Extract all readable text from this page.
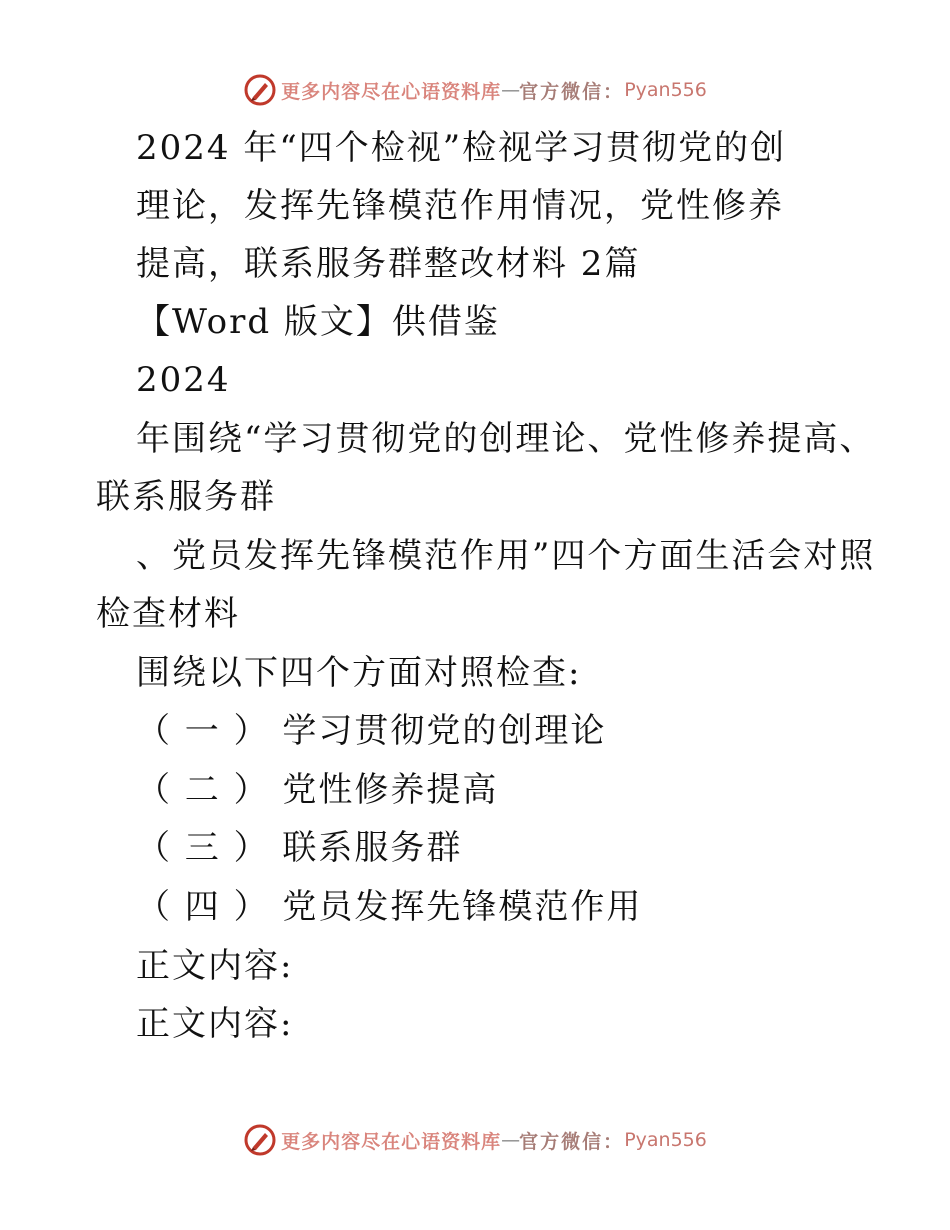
更多内容尽在心语资料库 — 官方微信： Pyan556
2024 年“四个检视”检视学习贯彻党的创
理论，发挥先锋模范作用情况，党性修养
提高，联系服务群整改材料 2篇
【Word 版文】供借鉴
2024
年围绕“学习贯彻党的创理论、党性修养提高、
联系服务群
、党员发挥先锋模范作用”四个方面生活会对照
检查材料
围绕以下四个方面对照检查:
（ 一 ） 学习贯彻党的创理论
（ 二 ） 党性修养提高
（ 三 ） 联系服务群
（ 四 ） 党员发挥先锋模范作用
正文内容:
正文内容:
更多内容尽在心语资料库 — 官方微信： Pyan556
